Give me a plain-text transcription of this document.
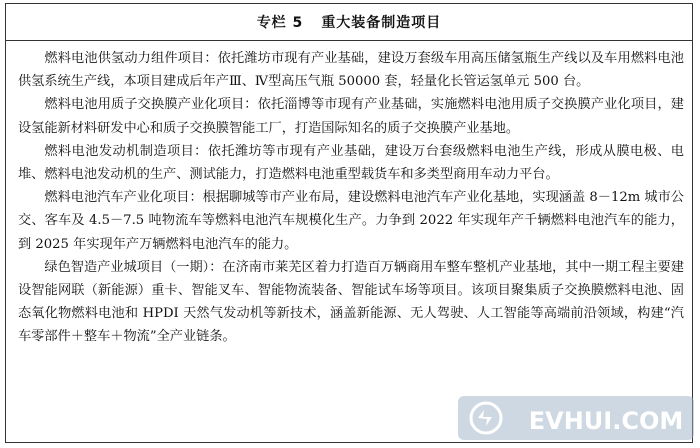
专栏 5 重大装备制造项目

燃料电池供氢动力组件项目：依托潍坊市现有产业基础，建设万套级车用高压储氢瓶生产线以及车用燃料电池供氢系统生产线，本项目建成后年产Ⅲ、Ⅳ型高压气瓶 50000 套，轻量化长管运氢单元 500 台。

燃料电池用质子交换膜产业化项目：依托淄博等市现有产业基础，实施燃料电池用质子交换膜产业化项目，建设氢能新材料研发中心和质子交换膜智能工厂，打造国际知名的质子交换膜产业基地。

燃料电池发动机制造项目：依托潍坊等市现有产业基础，建设万台套级燃料电池生产线，形成从膜电极、电堆、燃料电池发动机的生产、测试能力，打造燃料电池重型载货车和多类型商用车动力平台。

燃料电池汽车产业化项目：根据聊城等市产业布局，建设燃料电池汽车产业化基地，实现涵盖 8－12m 城市公交、客车及 4.5－7.5 吨物流车等燃料电池汽车规模化生产。力争到 2022 年实现年产千辆燃料电池汽车的能力，到 2025 年实现年产万辆燃料电池汽车的能力。

绿色智造产业城项目（一期）：在济南市莱芜区着力打造百万辆商用车整车整机产业基地，其中一期工程主要建设智能网联（新能源）重卡、智能叉车、智能物流装备、智能试车场等项目。该项目聚集质子交换膜燃料电池、固态氧化物燃料电池和 HPDI 天然气发动机等新技术，涵盖新能源、无人驾驶、人工智能等高端前沿领域，构建“汽车零部件＋整车＋物流”全产业链条。

EVHUI.COM
